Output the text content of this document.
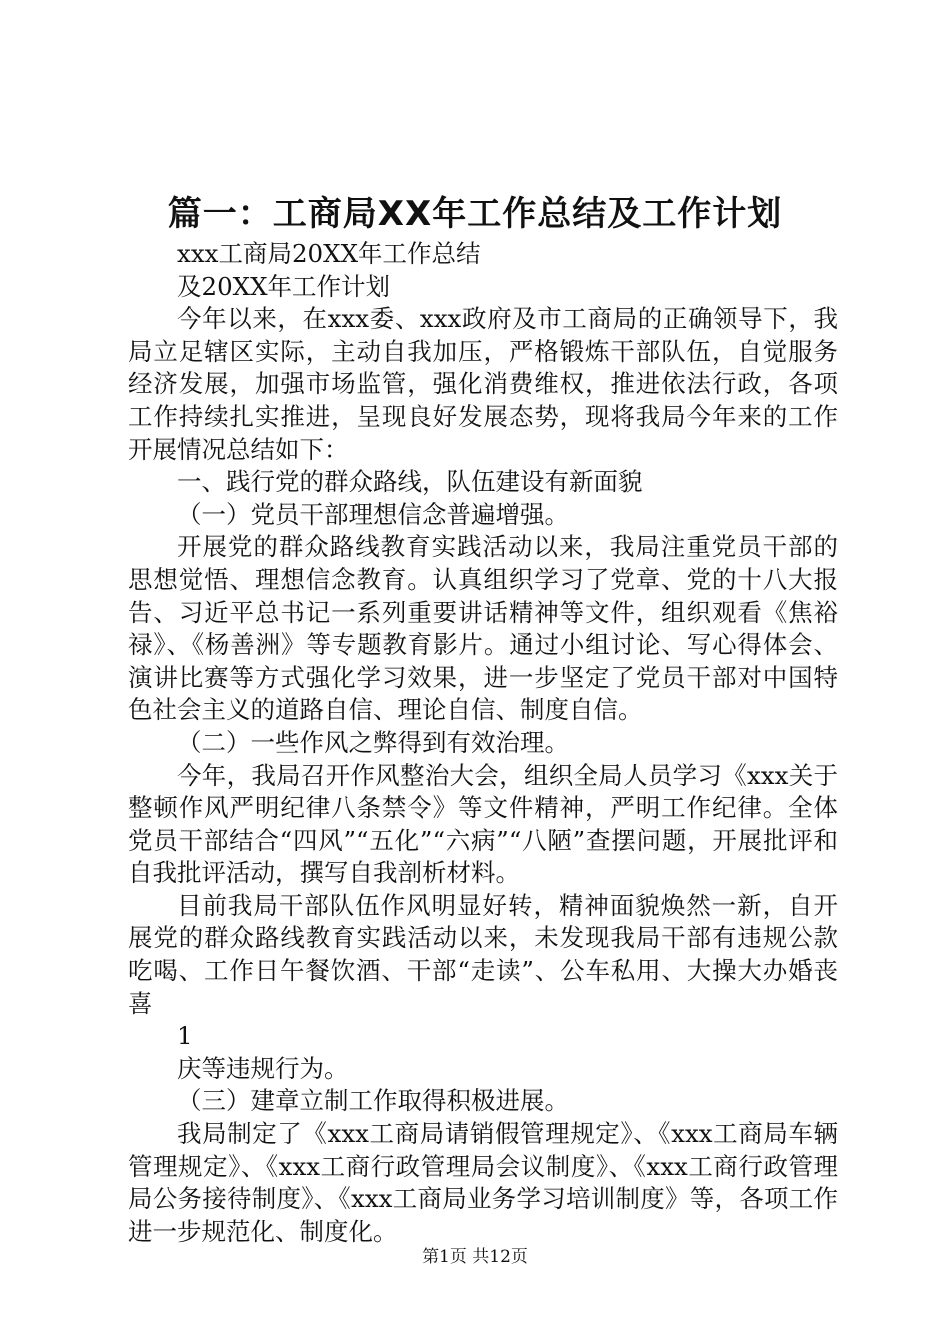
篇一：工商局XX年工作总结及工作计划

xxx工商局20XX年工作总结

及20XX年工作计划

今年以来，在xxx委、xxx政府及市工商局的正确领导下，我局立足辖区实际，主动自我加压，严格锻炼干部队伍，自觉服务经济发展，加强市场监管，强化消费维权，推进依法行政，各项工作持续扎实推进，呈现良好发展态势，现将我局今年来的工作开展情况总结如下：

一、践行党的群众路线，队伍建设有新面貌

（一）党员干部理想信念普遍增强。

开展党的群众路线教育实践活动以来，我局注重党员干部的思想觉悟、理想信念教育。认真组织学习了党章、党的十八大报告、习近平总书记一系列重要讲话精神等文件，组织观看《焦裕禄》、《杨善洲》等专题教育影片。通过小组讨论、写心得体会、演讲比赛等方式强化学习效果，进一步坚定了党员干部对中国特色社会主义的道路自信、理论自信、制度自信。

（二）一些作风之弊得到有效治理。

今年，我局召开作风整治大会，组织全局人员学习《xxx关于整顿作风严明纪律八条禁令》等文件精神，严明工作纪律。全体党员干部结合“四风”“五化”“六病”“八陋”查摆问题，开展批评和自我批评活动，撰写自我剖析材料。

目前我局干部队伍作风明显好转，精神面貌焕然一新，自开展党的群众路线教育实践活动以来，未发现我局干部有违规公款吃喝、工作日午餐饮酒、干部“走读”、公车私用、大操大办婚丧喜

1

庆等违规行为。

（三）建章立制工作取得积极进展。

我局制定了《xxx工商局请销假管理规定》、《xxx工商局车辆管理规定》、《xxx工商行政管理局会议制度》、《xxx工商行政管理局公务接待制度》、《xxx工商局业务学习培训制度》等，各项工作进一步规范化、制度化。

第1页 共12页
